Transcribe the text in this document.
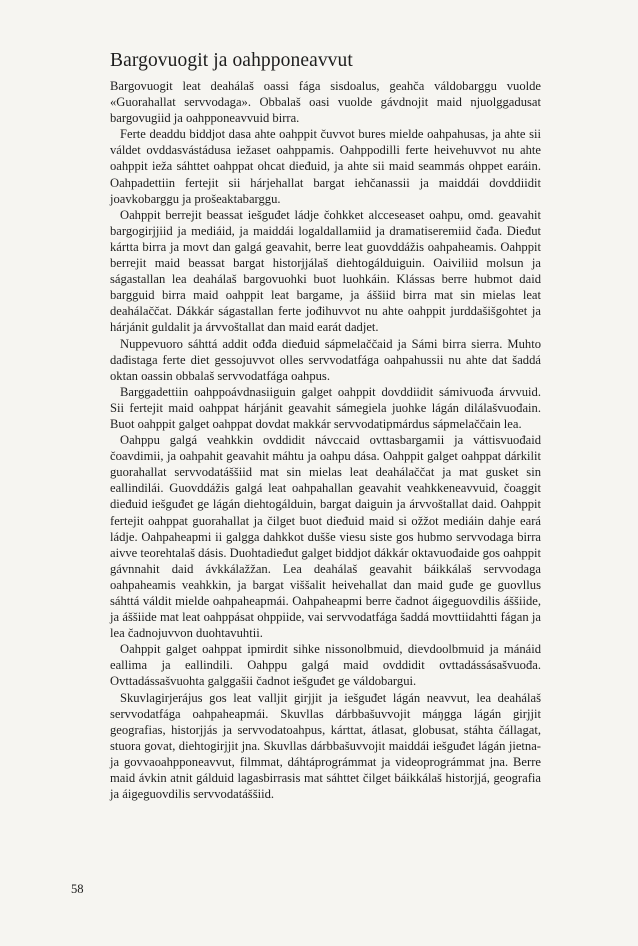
Bargovuogit ja oahpponeavvut

Bargovuogit leat deahálaš oassi fága sisdoalus, geahča váldobarggu vuolde «Guorahallat servvodaga». Obbalaš oasi vuolde gávdnojit maid njuolggadusat bargovugiid ja oahpponeavvuid birra.

Ferte deaddu biddjot dasa ahte oahppit čuvvot bures mielde oahpahusas, ja ahte sii váldet ovddasvástádusa iežaset oahppamis. Oahppodilli ferte heivehuvvot nu ahte oahppit ieža sáhttet oahppat ohcat dieđuid, ja ahte sii maid seammás ohppet earáin. Oahpadettiin fertejit sii hárjehallat bargat iehčanassii ja maiddái dovddiidit joavkobarggu ja prošeaktabarggu.

Oahppit berrejit beassat iešguđet ládje čohkket alcceseaset oahpu, omd. geavahit bargogirjjiid ja mediáid, ja maiddái logaldallamiid ja dramatiseremiid čađa. Dieđut kártta birra ja movt dan galgá geavahit, berre leat guovddážis oahpaheamis. Oahppit berrejit maid beassat bargat historjjálaš diehtogálduiguin. Oaiviliid molsun ja ságastallan lea deahálaš bargovuohki buot luohkáin. Klássas berre hubmot daid bargguid birra maid oahppit leat bargame, ja áššiid birra mat sin mielas leat deahálaččat. Dákkár ságastallan ferte jođihuvvot nu ahte oahppit jurddašišgohtet ja hárjánit guldalit ja árvvoštallat dan maid earát dadjet.

Nuppevuoro sáhttá addit ođđa dieđuid sápmelaččaid ja Sámi birra sierra. Muhto dađistaga ferte diet gessojuvvot olles servvodatfága oahpahussii nu ahte dat šaddá oktan oassin obbalaš servvodatfága oahpus.

Barggadettiin oahppoávdnasiiguin galget oahppit dovddiidit sámivuođa árvvuid. Sii fertejit maid oahppat hárjánit geavahit sámegiela juohke lágán dilálašvuođain. Buot oahppit galget oahppat dovdat makkár servvodatipmárdus sápmelaččain lea.

Oahppu galgá veahkkin ovddidit návccaid ovttasbargamii ja váttisvuođaid čoavdimii, ja oahpahit geavahit máhtu ja oahpu dása. Oahppit galget oahppat dárkilit guorahallat servvodatáššiid mat sin mielas leat deahálaččat ja mat gusket sin eallindilái. Guovddážis galgá leat oahpahallan geavahit veahkkeneavvuid, čoaggit dieđuid iešguđet ge lágán diehtogálduin, bargat daiguin ja árvvoštallat daid. Oahppit fertejit oahppat guorahallat ja čilget buot dieđuid maid si ožžot mediáin dahje eará ládje. Oahpaheapmi ii galgga dahkkot dušše viesu siste gos hubmo servvodaga birra aivve teorehtalaš dásis. Duohtadieđut galget biddjot dákkár oktavuođaide gos oahppit gávnnahit daid ávkkálažžan. Lea deahálaš geavahit báikkálaš servvodaga oahpaheamis veahkkin, ja bargat viššalit heivehallat dan maid guđe ge guovllus sáhttá váldit mielde oahpaheapmái. Oahpaheapmi berre čadnot áigeguovdilis áššiide, ja áššiide mat leat oahppásat ohppiide, vai servvodatfága šaddá movttiidahtti fágan ja lea čadnojuvvon duohtavuhtii.

Oahppit galget oahppat ipmirdit sihke nissonolbmuid, dievdoolbmuid ja mánáid eallima ja eallindili. Oahppu galgá maid ovddidit ovttadássásašvuođa. Ovttadássašvuohta galggašii čadnot iešguđet ge váldobargui.

Skuvlagirjerájus gos leat valljit girjjit ja iešguđet lágán neavvut, lea deahálaš servvodatfága oahpaheapmái. Skuvllas dárbbašuvvojit máŋgga lágán girjjit geografias, historjjás ja servvodatoahpus, kárttat, átlasat, globusat, stáhta čállagat, stuora govat, diehtogirjjit jna. Skuvllas dárbbašuvvojit maiddái iešguđet lágán jietna- ja govvaoahpponeavvut, filmmat, dáhtáprográmmat ja videoprográmmat jna. Berre maid ávkin atnit gálduid lagasbirrasis mat sáhttet čilget báikkálaš historjjá, geografia ja áigeguovdilis servvodatáššiid.

58
